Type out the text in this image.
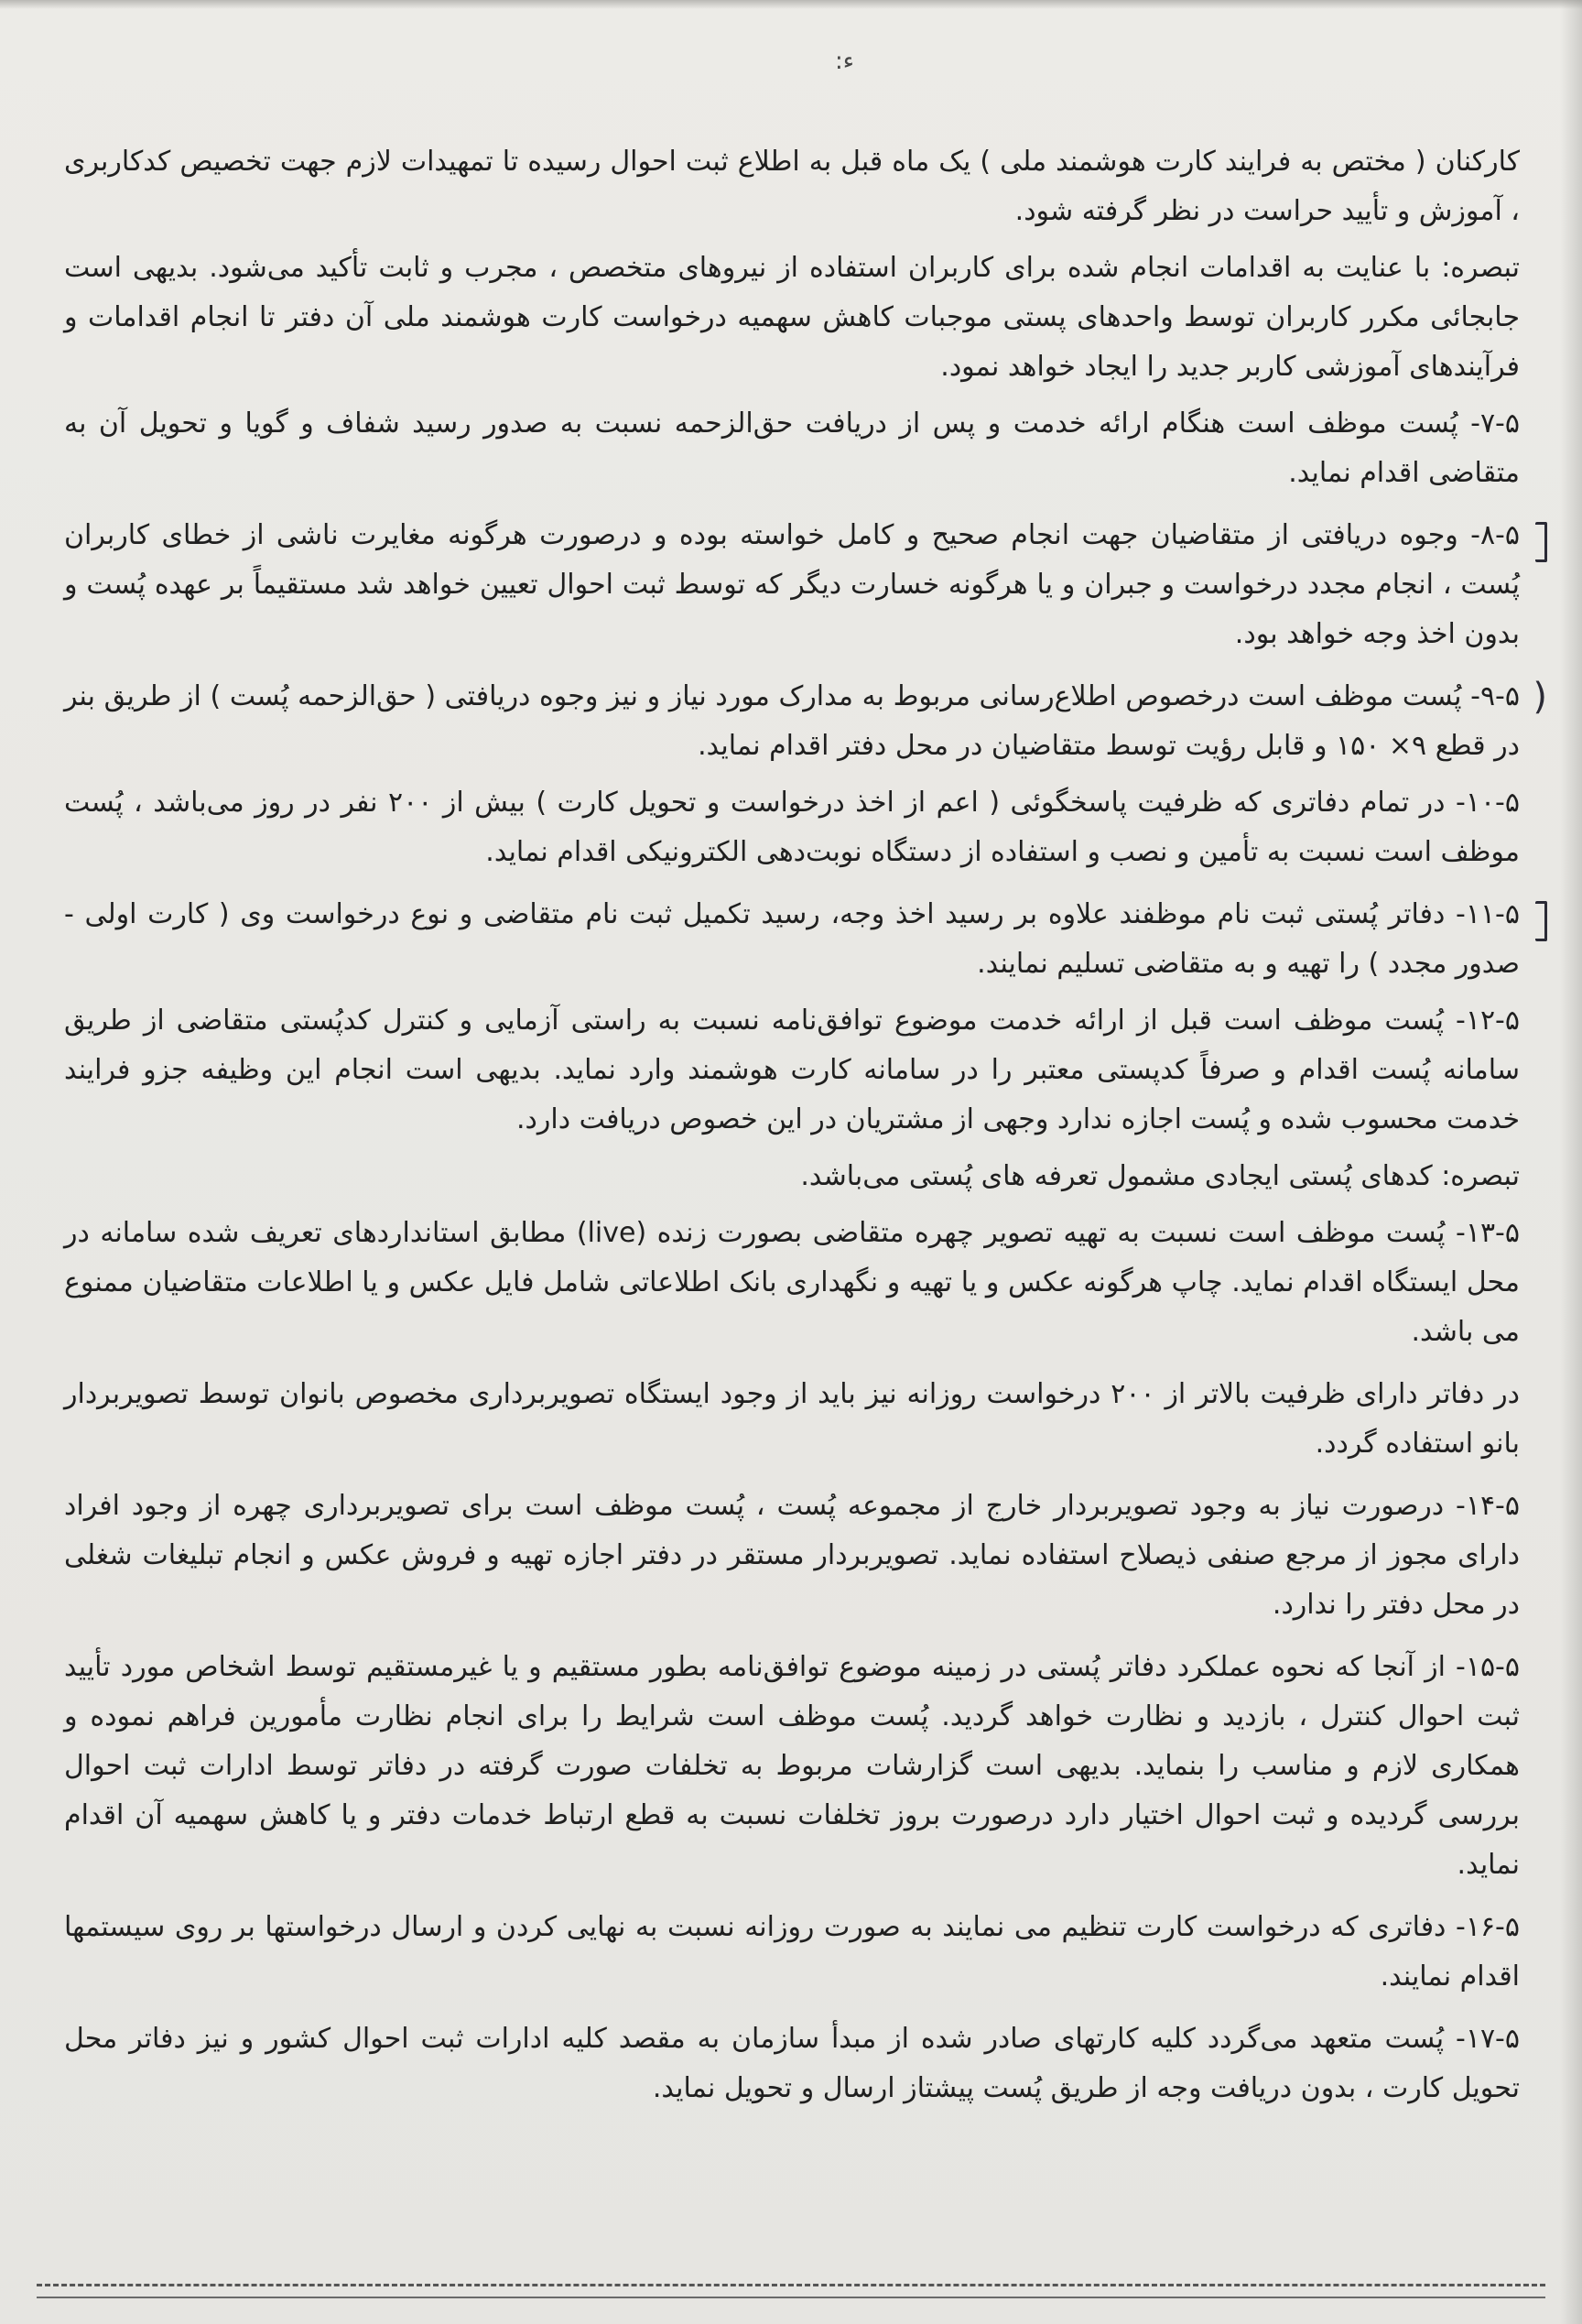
ء:

کارکنان ( مختص به فرایند کارت هوشمند ملی ) یک ماه قبل به اطلاع ثبت احوال رسیده تا تمهیدات لازم جهت تخصیص کدکاربری ، آموزش و تأیید حراست در نظر گرفته شود.

تبصره: با عنایت به اقدامات انجام شده برای کاربران استفاده از نیروهای متخصص ، مجرب و ثابت تأکید می‌شود. بدیهی است جابجائی مکرر کاربران توسط واحدهای پستی موجبات کاهش سهمیه درخواست کارت هوشمند ملی آن دفتر تا انجام اقدامات و فرآیندهای آموزشی کاربر جدید را ایجاد خواهد نمود.

۷-۵- پُست موظف است هنگام ارائه خدمت و پس از دریافت حق‌الزحمه نسبت به صدور رسید شفاف و گویا و تحویل آن به متقاضی اقدام نماید.

۸-۵- وجوه دریافتی از متقاضیان جهت انجام صحیح و کامل خواسته بوده و درصورت هرگونه مغایرت ناشی از خطای کاربران پُست ، انجام مجدد درخواست و جبران و یا هرگونه خسارت دیگر که توسط ثبت احوال تعیین خواهد شد مستقیماً بر عهده پُست و بدون اخذ وجه خواهد بود.

(

۹-۵- پُست موظف است درخصوص اطلاع‌رسانی مربوط به مدارک مورد نیاز و نیز وجوه دریافتی ( حق‌الزحمه پُست ) از طریق بنر در قطع ۹× ۱۵۰ و قابل رؤیت توسط متقاضیان در محل دفتر اقدام نماید.

۱۰-۵- در تمام دفاتری که ظرفیت پاسخگوئی ( اعم از اخذ درخواست و تحویل کارت ) بیش از ۲۰۰ نفر در روز می‌باشد ، پُست موظف است نسبت به تأمین و نصب و استفاده از دستگاه نوبت‌دهی الکترونیکی اقدام نماید.

۱۱-۵- دفاتر پُستی ثبت نام موظفند علاوه بر رسید اخذ وجه، رسید تکمیل ثبت نام متقاضی و نوع درخواست وی ( کارت اولی - صدور مجدد ) را تهیه و به متقاضی تسلیم نمایند.

۱۲-۵- پُست موظف است قبل از ارائه خدمت موضوع توافق‌نامه نسبت به راستی آزمایی و کنترل کدپُستی متقاضی از طریق سامانه پُست اقدام و صرفاً کدپستی معتبر را در سامانه کارت هوشمند وارد نماید. بدیهی است انجام این وظیفه جزو فرایند خدمت محسوب شده و پُست اجازه ندارد وجهی از مشتریان در این خصوص دریافت دارد.

تبصره: کدهای پُستی ایجادی مشمول تعرفه های پُستی می‌باشد.

۱۳-۵- پُست موظف است نسبت به تهیه تصویر چهره متقاضی بصورت زنده (live) مطابق استانداردهای تعریف شده سامانه در محل ایستگاه اقدام نماید. چاپ هرگونه عکس و یا تهیه و نگهداری بانک اطلاعاتی شامل فایل عکس و یا اطلاعات متقاضیان ممنوع می باشد.

در دفاتر دارای ظرفیت بالاتر از ۲۰۰ درخواست روزانه نیز باید از وجود ایستگاه تصویربرداری مخصوص بانوان توسط تصویربردار بانو استفاده گردد.

۱۴-۵- درصورت نیاز به وجود تصویربردار خارج از مجموعه پُست ، پُست موظف است برای تصویربرداری چهره از وجود افراد دارای مجوز از مرجع صنفی ذیصلاح استفاده نماید. تصویربردار مستقر در دفتر اجازه تهیه و فروش عکس و انجام تبلیغات شغلی در محل دفتر را ندارد.

۱۵-۵- از آنجا که نحوه عملکرد دفاتر پُستی در زمینه موضوع توافق‌نامه بطور مستقیم و یا غیرمستقیم توسط اشخاص مورد تأیید ثبت احوال کنترل ، بازدید و نظارت خواهد گردید. پُست موظف است شرایط را برای انجام نظارت مأمورین فراهم نموده و همکاری لازم و مناسب را بنماید. بدیهی است گزارشات مربوط به تخلفات صورت گرفته در دفاتر توسط ادارات ثبت احوال بررسی گردیده و ثبت احوال اختیار دارد درصورت بروز تخلفات نسبت به قطع ارتباط خدمات دفتر و یا کاهش سهمیه آن اقدام نماید.

۱۶-۵- دفاتری که درخواست کارت تنظیم می نمایند به صورت روزانه نسبت به نهایی کردن و ارسال درخواستها بر روی سیستمها اقدام نمایند.

۱۷-۵- پُست متعهد می‌گردد کلیه کارتهای صادر شده از مبدأ سازمان به مقصد کلیه ادارات ثبت احوال کشور و نیز دفاتر محل تحویل کارت ، بدون دریافت وجه از طریق پُست پیشتاز ارسال و تحویل نماید.
